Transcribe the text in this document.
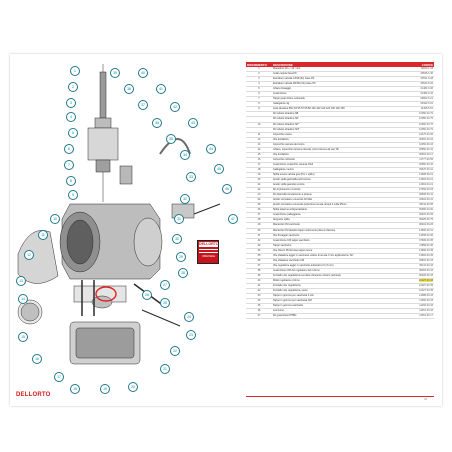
DELLORTO
ORIGINALE
1
2
3
4
5
6
7
8
9
10
11
12
13
14
15
16
17
18	19	20
21
22
23
24
25
26
27
28
29
30
31
32
33
34
35
36
37
38
39	40
41
42
43
44
45
46
47
DELLORTO
RIFERIMENTO	DESCRIZIONE	CODICE
1	Manettino 18 — 44 / 4x1	10030.1.18
2	Gollo coppia fissa PK	09545.6.46
3	Estrattore valvola CD18 (fix) base PK	09511.6.28
4	Estrattore valvola FR30A (fix) base PK	09543.6.26
5	Ghiera fissaggio	01484.6.36
6	Guarnizione	01484.6.32
7	Tappo guarnizione sottosella	09902.6.21
8	Gallegiante 4g	09442.6.61
9	Asta idraulica 56G 54 56 57 58 59 100 102 110 120 130 140 150	11408.6.51
	Kit tubetto idraulico SB	10050.00.76
	Kit tubetto idraulico SD	10050.00.76
10	Kit tubetto idraulico SF*	10050.00.76
	Kit tubetto idraulico SN*	10050.00.76
11	Coperchio vasca	01470.00.06
12	Vite livellatrice	00910.00.16
13	Coperchio camera del corpo	10050.00.16
14	Ghiera, coperchio camera miscela, pivot camera da vari TE	09650.00.41
15	Vite livellatrice	00910.00.17
16	Coperchio rubinetto	11777.00.56
17	Guarnizione coperchio camera rifiuti	00950.00.32
18	Gallegiante mezzo	09370.00.41
19	Spilla tenuta valvola gas (Pin u spillo)	14908.00.21
20	Anello spilla gas/spilla spill conica	14904.00.21
21	Anello spilla gas/stop conica	14904.00.21
22	Kit di pistoncino cunicolo	07050.00.03
23	Kit dispositivi avviamento a pistone	09508.00.41
24	Anello sormatore ursuscolo 40 Max	02916.00.41
25	Anello sormatore ursuscolo protezione tenuta rampa 4 sulla 35mm	09011.00.65
26	Spilla taperino antigocciolatore	00990.00.00
27	Guarnizione palleggiante	00970.00.05
28	Supporto spilla	09025.00.75
29	Manicotto CM vacchetto	08216.00.26
30	Manicotto CM plastico tappo sottovuoto pista di classica	13990.00.31
31	Vite fissaggio vacchetto	13458.00.36
32	Guarnizione CM tappo vacchetto	07606.00.35
33	Tappo vacchetto	11858.00.35
34	Vite blocco PK/di base tappo pesce	13990.00.35
35	Vite sfiatatore aggio in vacchetto rettore di tenuta 3 mm applicazione 'Kit'	13802.00.35
36	Vite sfiatatore vacchetto CM	09810.00.33
37	Vite regolatore aggio in vacchetto antiscarico 6 (3 mm)	09011.00.33
38	Guarnizione OR del regolatore del minimo	08003.00.33
39	Fondello vite regolazione tenutina d'insieme minimo (elimina)	80005.00.33
40	Mollo regolatore minimo	10027.00.33
41	Fondello vite regolazione	10027.00.35
42	Fondello vite regolazione sosta	10027.00.35
43	Tappo in gomma per vaschetta 3 stm	14988.00.33
44	Tappo in gomma per vaschetta CM	11450.00.33
45	Tappo in gomma vaschetta	11450.00.33
46	Gommino	11451.00.43
47	Kit guarnizioni PHBG	11451.00.17
33
